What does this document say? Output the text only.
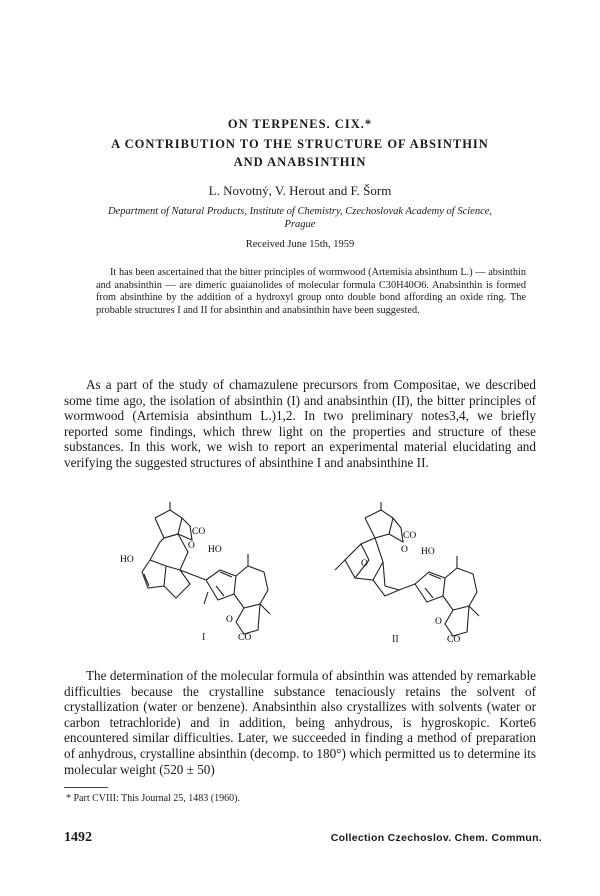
ON TERPENES. CIX.*
A CONTRIBUTION TO THE STRUCTURE OF ABSINTHIN
AND ANABSINTHIN
L. Novotný, V. Herout and F. Šorm
Department of Natural Products, Institute of Chemistry, Czechoslovak Academy of Science,
Prague
Received June 15th, 1959
It has been ascertained that the bitter principles of wormwood (Artemisia absinthum L.) — absinthin and anabsinthin — are dimeric guaianolides of molecular formula C30H40O6. Anabsinthin is formed from absinthine by the addition of a hydroxyl group onto double bond affording an oxide ring. The probable structures I and II for absinthin and anabsinthin have been suggested.
As a part of the study of chamazulene precursors from Compositae, we described some time ago, the isolation of absinthin (I) and anabsinthin (II), the bitter principles of wormwood (Artemisia absinthum L.)1,2. In two preliminary notes3,4, we briefly reported some findings, which threw light on the properties and structure of these substances. In this work, we wish to report an experimental material elucidating and verifying the suggested structures of absinthine I and anabsinthine II.
CO
O
HO
HO
O
CO
I
CO
O
O
HO
O
CO
II
The determination of the molecular formula of absinthin was attended by remarkable difficulties because the crystalline substance tenaciously retains the solvent of crystallization (water or benzene). Anabsinthin also crystallizes with solvents (water or carbon tetrachloride) and in addition, being anhydrous, is hygroskopic. Korte6 encountered similar difficulties. Later, we succeeded in finding a method of preparation of anhydrous, crystalline absinthin (decomp. to 180°) which permitted us to determine its molecular weight (520 ± 50)
* Part CVIII: This Journal 25, 1483 (1960).
1492	Collection Czechoslov. Chem. Commun.
